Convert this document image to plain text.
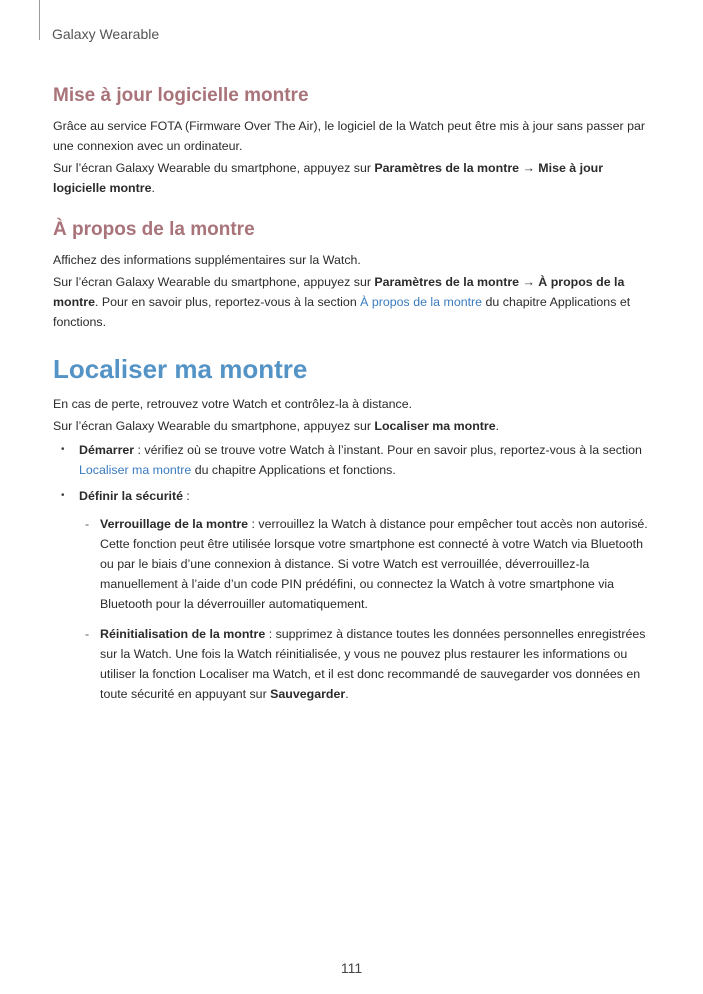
Galaxy Wearable
Mise à jour logicielle montre

Grâce au service FOTA (Firmware Over The Air), le logiciel de la Watch peut être mis à jour sans passer par une connexion avec un ordinateur.

Sur l’écran Galaxy Wearable du smartphone, appuyez sur Paramètres de la montre → Mise à jour logicielle montre.

À propos de la montre

Affichez des informations supplémentaires sur la Watch.

Sur l’écran Galaxy Wearable du smartphone, appuyez sur Paramètres de la montre → À propos de la montre. Pour en savoir plus, reportez-vous à la section À propos de la montre du chapitre Applications et fonctions.

Localiser ma montre

En cas de perte, retrouvez votre Watch et contrôlez-la à distance.

Sur l’écran Galaxy Wearable du smartphone, appuyez sur Localiser ma montre.

• Démarrer : vérifiez où se trouve votre Watch à l’instant. Pour en savoir plus, reportez-vous à la section Localiser ma montre du chapitre Applications et fonctions.
• Définir la sécurité :
- Verrouillage de la montre : verrouillez la Watch à distance pour empêcher tout accès non autorisé. Cette fonction peut être utilisée lorsque votre smartphone est connecté à votre Watch via Bluetooth ou par le biais d’une connexion à distance. Si votre Watch est verrouillée, déverrouillez-la manuellement à l’aide d’un code PIN prédéfini, ou connectez la Watch à votre smartphone via Bluetooth pour la déverrouiller automatiquement.
- Réinitialisation de la montre : supprimez à distance toutes les données personnelles enregistrées sur la Watch. Une fois la Watch réinitialisée, y vous ne pouvez plus restaurer les informations ou utiliser la fonction Localiser ma Watch, et il est donc recommandé de sauvegarder vos données en toute sécurité en appuyant sur Sauvegarder.
111
